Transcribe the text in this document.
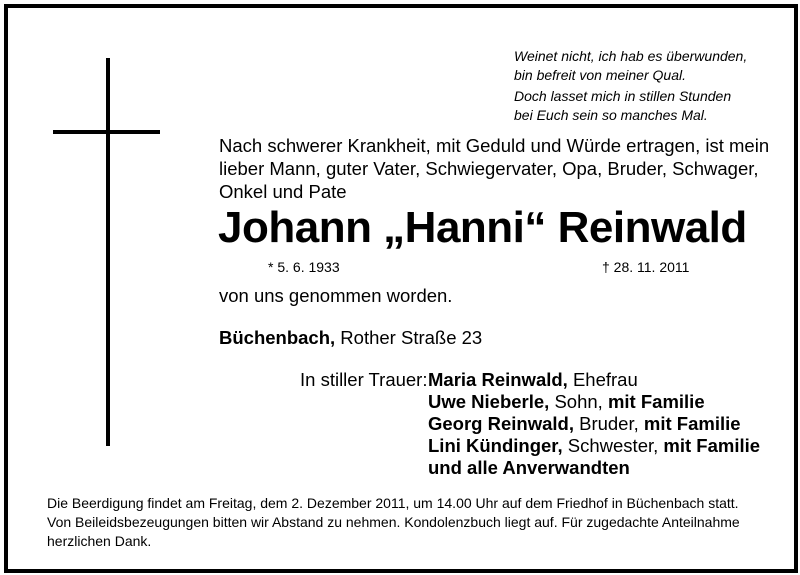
Weinet nicht, ich hab es überwunden,
bin befreit von meiner Qual.
Doch lasset mich in stillen Stunden
bei Euch sein so manches Mal.
Nach schwerer Krankheit, mit Geduld und Würde ertragen, ist mein
lieber Mann, guter Vater, Schwiegervater, Opa, Bruder, Schwager,
Onkel und Pate
Johann „Hanni“ Reinwald
* 5. 6. 1933	† 28. 11. 2011
von uns genommen worden.
Büchenbach, Rother Straße 23
In stiller Trauer: Maria Reinwald, Ehefrau
Uwe Nieberle, Sohn, mit Familie
Georg Reinwald, Bruder, mit Familie
Lini Kündinger, Schwester, mit Familie
und alle Anverwandten
Die Beerdigung findet am Freitag, dem 2. Dezember 2011, um 14.00 Uhr auf dem Friedhof in Büchenbach statt.
Von Beileidsbezeugungen bitten wir Abstand zu nehmen. Kondolenzbuch liegt auf. Für zugedachte Anteilnahme
herzlichen Dank.
